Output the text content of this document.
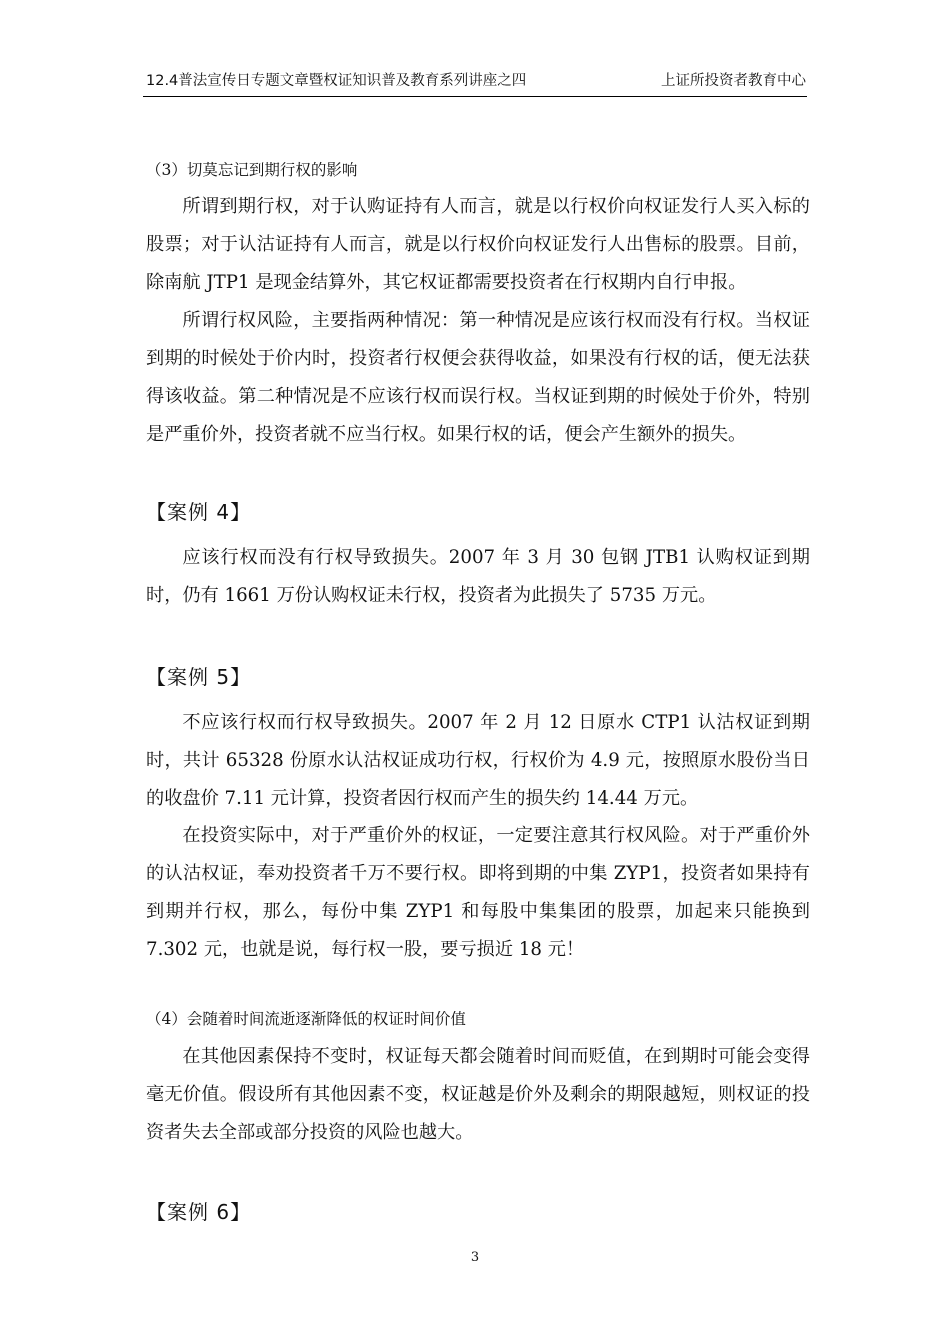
12.4普法宣传日专题文章暨权证知识普及教育系列讲座之四	上证所投资者教育中心
（3）切莫忘记到期行权的影响
所谓到期行权，对于认购证持有人而言，就是以行权价向权证发行人买入标的股票；对于认沽证持有人而言，就是以行权价向权证发行人出售标的股票。目前，除南航 JTP1 是现金结算外，其它权证都需要投资者在行权期内自行申报。
所谓行权风险，主要指两种情况：第一种情况是应该行权而没有行权。当权证到期的时候处于价内时，投资者行权便会获得收益，如果没有行权的话，便无法获得该收益。第二种情况是不应该行权而误行权。当权证到期的时候处于价外，特别是严重价外，投资者就不应当行权。如果行权的话，便会产生额外的损失。
【案例 4】
应该行权而没有行权导致损失。2007 年 3 月 30 包钢 JTB1 认购权证到期时，仍有 1661 万份认购权证未行权，投资者为此损失了 5735 万元。
【案例 5】
不应该行权而行权导致损失。2007 年 2 月 12 日原水 CTP1 认沽权证到期时，共计 65328 份原水认沽权证成功行权，行权价为 4.9 元，按照原水股份当日的收盘价 7.11 元计算，投资者因行权而产生的损失约 14.44 万元。
在投资实际中，对于严重价外的权证，一定要注意其行权风险。对于严重价外的认沽权证，奉劝投资者千万不要行权。即将到期的中集 ZYP1，投资者如果持有到期并行权，那么，每份中集 ZYP1 和每股中集集团的股票，加起来只能换到 7.302 元，也就是说，每行权一股，要亏损近 18 元！
（4）会随着时间流逝逐渐降低的权证时间价值
在其他因素保持不变时，权证每天都会随着时间而贬值，在到期时可能会变得毫无价值。假设所有其他因素不变，权证越是价外及剩余的期限越短，则权证的投资者失去全部或部分投资的风险也越大。
【案例 6】
3
